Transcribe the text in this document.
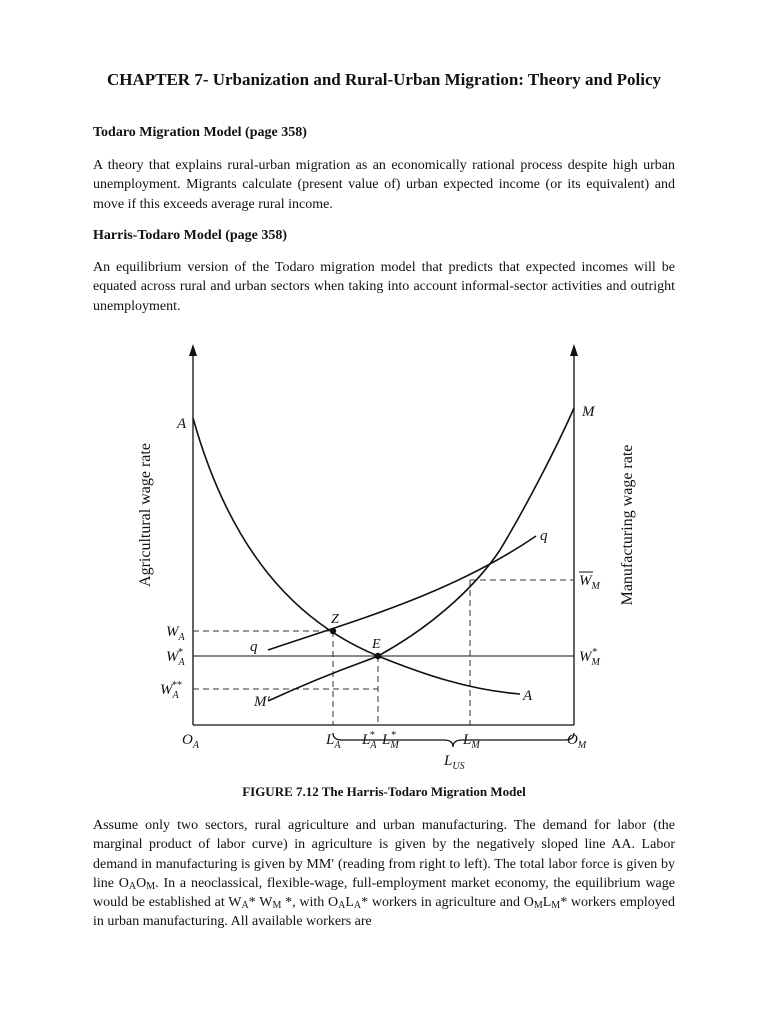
CHAPTER 7- Urbanization and Rural-Urban Migration: Theory and Policy
Todaro Migration Model (page 358)

A theory that explains rural-urban migration as an economically rational process despite high urban unemployment. Migrants calculate (present value of) urban expected income (or its equivalent) and move if this exceeds average rural income.

Harris-Todaro Model (page 358)

An equilibrium version of the Todaro migration model that predicts that expected incomes will be equated across rural and urban sectors when taking into account informal-sector activities and outright unemployment.

Agricultural wage rate	Manufacturing wage rate
A
A
M
M′
q
q
Z
E
$W_A$
$W_A*$
$W_A**$
$W_M$
$W_M*$
$O_A$	$L_A$ $L_A*$ $L_M*$	$L_M$	$O_M$
$L_{US}$
FIGURE 7.12 The Harris-Todaro Migration Model

Assume only two sectors, rural agriculture and urban manufacturing. The demand for labor (the marginal product of labor curve) in agriculture is given by the negatively sloped line AA. Labor demand in manufacturing is given by MM′ (reading from right to left). The total labor force is given by line $O_AO_M$. In a neoclassical, flexible-wage, full-employment market economy, the equilibrium wage would be established at $W_A*$ $W_M$ *, with $O_AL_A*$ workers in agriculture and $O_ML_M*$ workers employed in urban manufacturing. All available workers are
